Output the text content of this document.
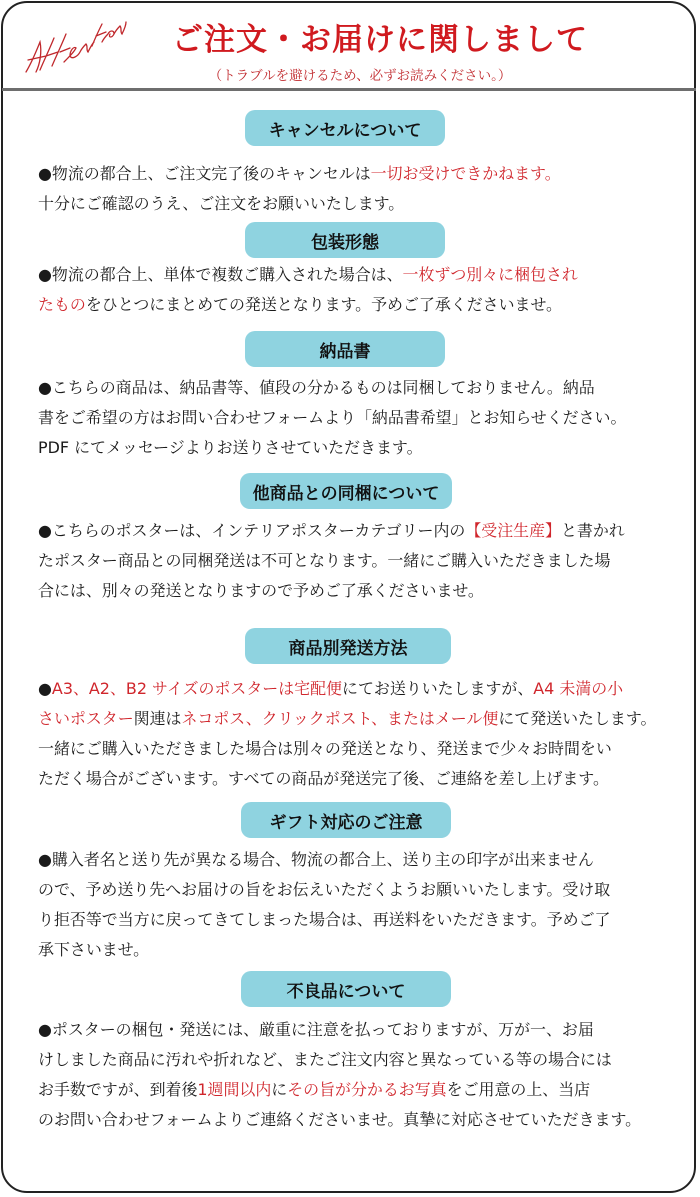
ご注文・お届けに関しまして
（トラブルを避けるため、必ずお読みください。）
キャンセルについて
●物流の都合上、ご注文完了後のキャンセルは一切お受けできかねます。
十分にご確認のうえ、ご注文をお願いいたします。
包装形態
●物流の都合上、単体で複数ご購入された場合は、一枚ずつ別々に梱包され
たものをひとつにまとめての発送となります。予めご了承くださいませ。
納品書
●こちらの商品は、納品書等、値段の分かるものは同梱しておりません。納品
書をご希望の方はお問い合わせフォームより「納品書希望」とお知らせください。
PDF にてメッセージよりお送りさせていただきます。
他商品との同梱について
●こちらのポスターは、インテリアポスターカテゴリー内の【受注生産】と書かれ
たポスター商品との同梱発送は不可となります。一緒にご購入いただきました場
合には、別々の発送となりますので予めご了承くださいませ。
商品別発送方法
●A3、A2、B2 サイズのポスターは宅配便にてお送りいたしますが、A4 未満の小
さいポスター関連はネコポス、クリックポスト、またはメール便にて発送いたします。
一緒にご購入いただきました場合は別々の発送となり、発送まで少々お時間をい
ただく場合がございます。すべての商品が発送完了後、ご連絡を差し上げます。
ギフト対応のご注意
●購入者名と送り先が異なる場合、物流の都合上、送り主の印字が出来ません
ので、予め送り先へお届けの旨をお伝えいただくようお願いいたします。受け取
り拒否等で当方に戻ってきてしまった場合は、再送料をいただきます。予めご了
承下さいませ。
不良品について
●ポスターの梱包・発送には、厳重に注意を払っておりますが、万が一、お届
けしました商品に汚れや折れなど、またご注文内容と異なっている等の場合には
お手数ですが、到着後1週間以内にその旨が分かるお写真をご用意の上、当店
のお問い合わせフォームよりご連絡くださいませ。真摯に対応させていただきます。
